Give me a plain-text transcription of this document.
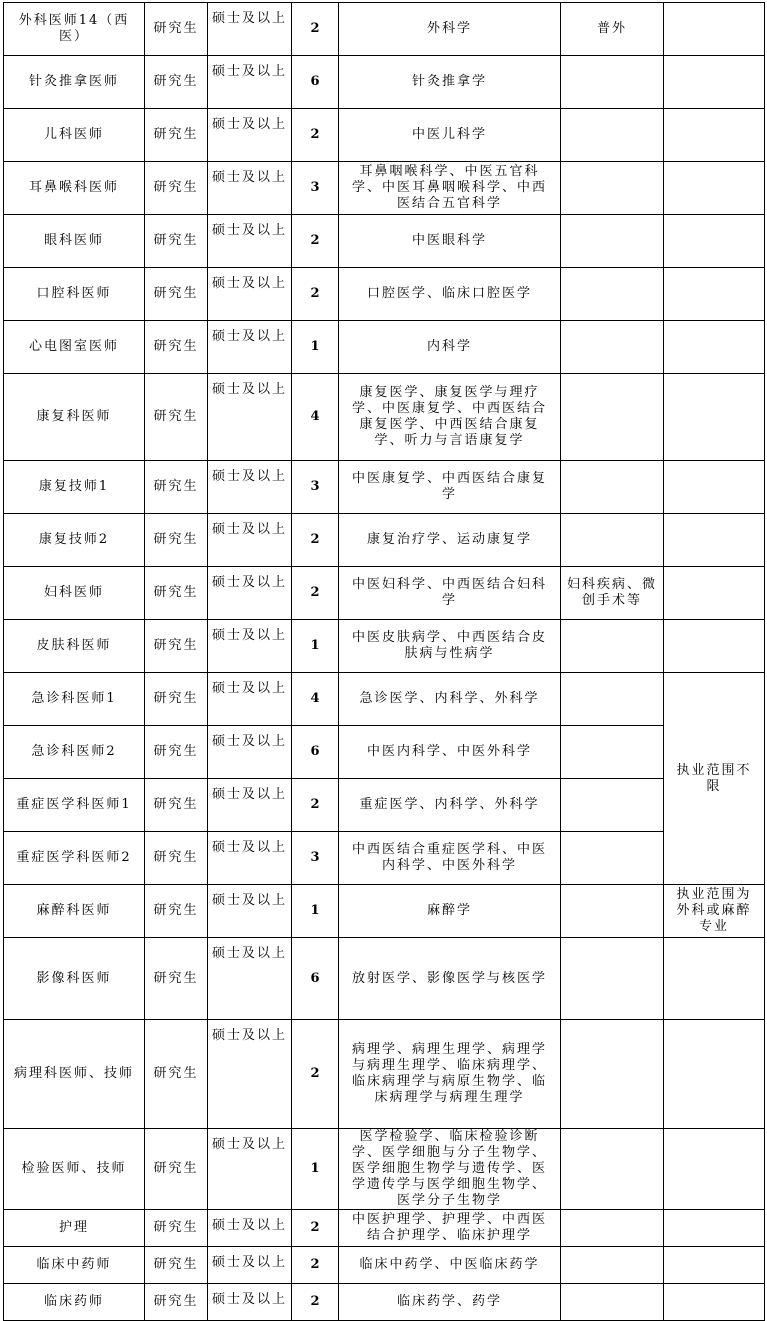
外科医师14（西医）	研究生	硕士及以上	2	外科学	普外	
针灸推拿医师	研究生	硕士及以上	6	针灸推拿学		
儿科医师	研究生	硕士及以上	2	中医儿科学		
耳鼻喉科医师	研究生	硕士及以上	3	耳鼻咽喉科学、中医五官科学、中医耳鼻咽喉科学、中西医结合五官科学		
眼科医师	研究生	硕士及以上	2	中医眼科学		
口腔科医师	研究生	硕士及以上	2	口腔医学、临床口腔医学		
心电图室医师	研究生	硕士及以上	1	内科学		
康复科医师	研究生	硕士及以上	4	康复医学、康复医学与理疗学、中医康复学、中西医结合康复医学、中西医结合康复学、听力与言语康复学		
康复技师1	研究生	硕士及以上	3	中医康复学、中西医结合康复学		
康复技师2	研究生	硕士及以上	2	康复治疗学、运动康复学		
妇科医师	研究生	硕士及以上	2	中医妇科学、中西医结合妇科学	妇科疾病、微创手术等	
皮肤科医师	研究生	硕士及以上	1	中医皮肤病学、中西医结合皮肤病与性病学		
急诊科医师1	研究生	硕士及以上	4	急诊医学、内科学、外科学		执业范围不限
急诊科医师2	研究生	硕士及以上	6	中医内科学、中医外科学		
重症医学科医师1	研究生	硕士及以上	2	重症医学、内科学、外科学		
重症医学科医师2	研究生	硕士及以上	3	中西医结合重症医学科、中医内科学、中医外科学		
麻醉科医师	研究生	硕士及以上	1	麻醉学		执业范围为外科或麻醉专业
影像科医师	研究生	硕士及以上	6	放射医学、影像医学与核医学		
病理科医师、技师	研究生	硕士及以上	2	病理学、病理生理学、病理学与病理生理学、临床病理学、临床病理学与病原生物学、临床病理学与病理生理学		
检验医师、技师	研究生	硕士及以上	1	医学检验学、临床检验诊断学、医学细胞与分子生物学、医学细胞生物学与遗传学、医学遗传学与医学细胞生物学、医学分子生物学		
护理	研究生	硕士及以上	2	中医护理学、护理学、中西医结合护理学、临床护理学		
临床中药师	研究生	硕士及以上	2	临床中药学、中医临床药学		
临床药师	研究生	硕士及以上	2	临床药学、药学		
